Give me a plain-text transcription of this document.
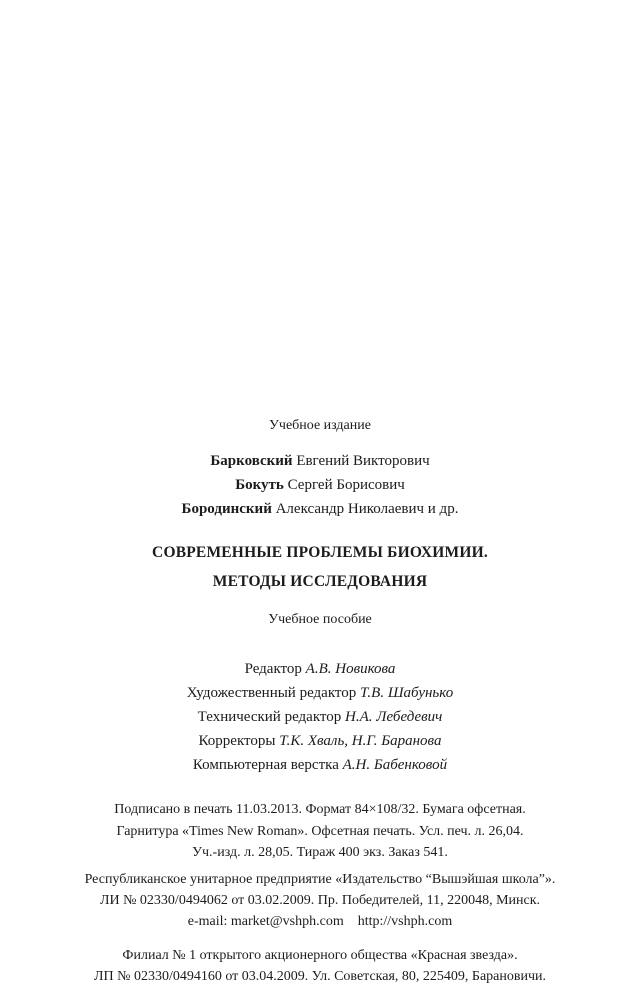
Учебное издание

Барковский Евгений Викторович

Бокуть Сергей Борисович

Бородинский Александр Николаевич и др.

СОВРЕМЕННЫЕ ПРОБЛЕМЫ БИОХИМИИ.

МЕТОДЫ ИССЛЕДОВАНИЯ

Учебное пособие

Редактор А.В. Новикова

Художественный редактор Т.В. Шабунько

Технический редактор Н.А. Лебедевич

Корректоры Т.К. Хваль, Н.Г. Баранова

Компьютерная верстка А.Н. Бабенковой

Подписано в печать 11.03.2013. Формат 84×108/32. Бумага офсетная.

Гарнитура «Times New Roman». Офсетная печать. Усл. печ. л. 26,04.

Уч.-изд. л. 28,05. Тираж 400 экз. Заказ 541.

Республиканское унитарное предприятие «Издательство “Вышэйшая школа”».

ЛИ № 02330/0494062 от 03.02.2009. Пр. Победителей, 11, 220048, Минск.

e-mail: market@vshph.com    http://vshph.com

Филиал № 1 открытого акционерного общества «Красная звезда».

ЛП № 02330/0494160 от 03.04.2009. Ул. Советская, 80, 225409, Барановичи.
